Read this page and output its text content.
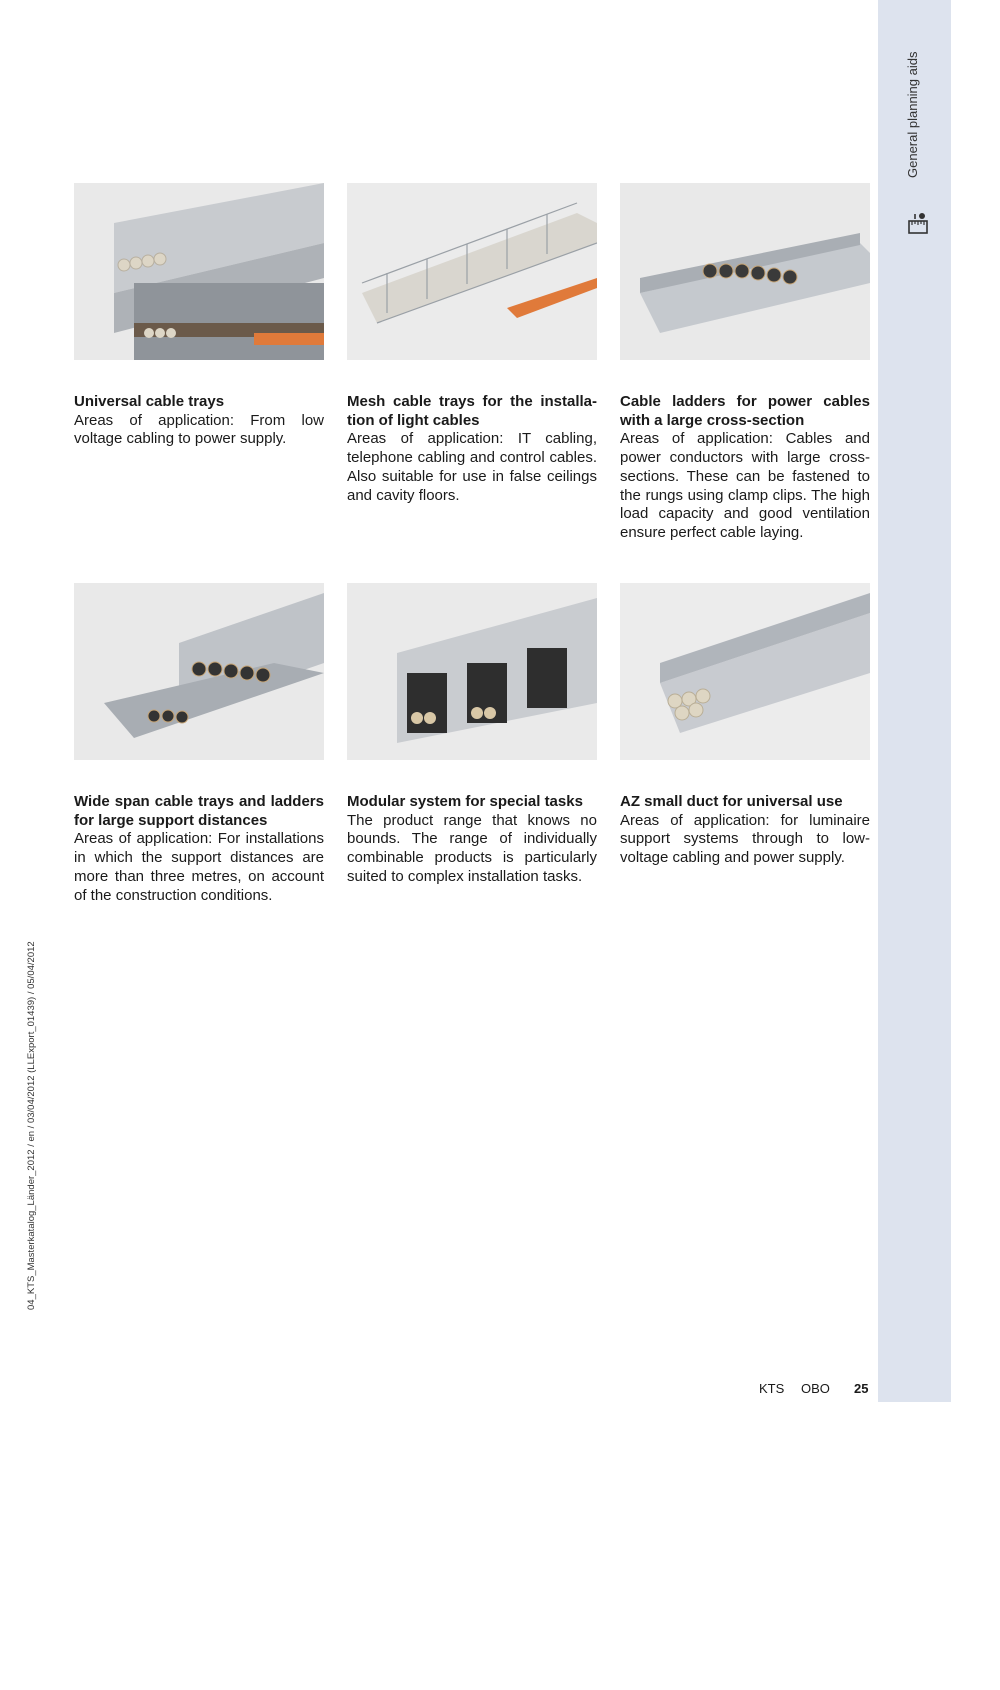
General planning aids
04_KTS_Masterkatalog_Länder_2012 / en / 03/04/2012 (LLExport_01439) / 05/04/2012
Universal cable trays
Areas of application: From low voltage cabling to power supply.
Mesh cable trays for the installation of light cables
Areas of application: IT cabling, telephone cabling and control cables. Also suitable for use in false ceilings and cavity floors.
Cable ladders for power cables with a large cross-section
Areas of application: Cables and power conductors with large cross-sections. These can be fastened to the rungs using clamp clips. The high load capacity and good ventilation ensure perfect cable laying.
Wide span cable trays and ladders for large support distances
Areas of application: For installations in which the support distances are more than three metres, on account of the construction conditions.
Modular system for special tasks
The product range that knows no bounds. The range of individually combinable products is particularly suited to complex installation tasks.
AZ small duct for universal use
Areas of application: for luminaire support systems through to low-voltage cabling and power supply.
KTS OBO 25
